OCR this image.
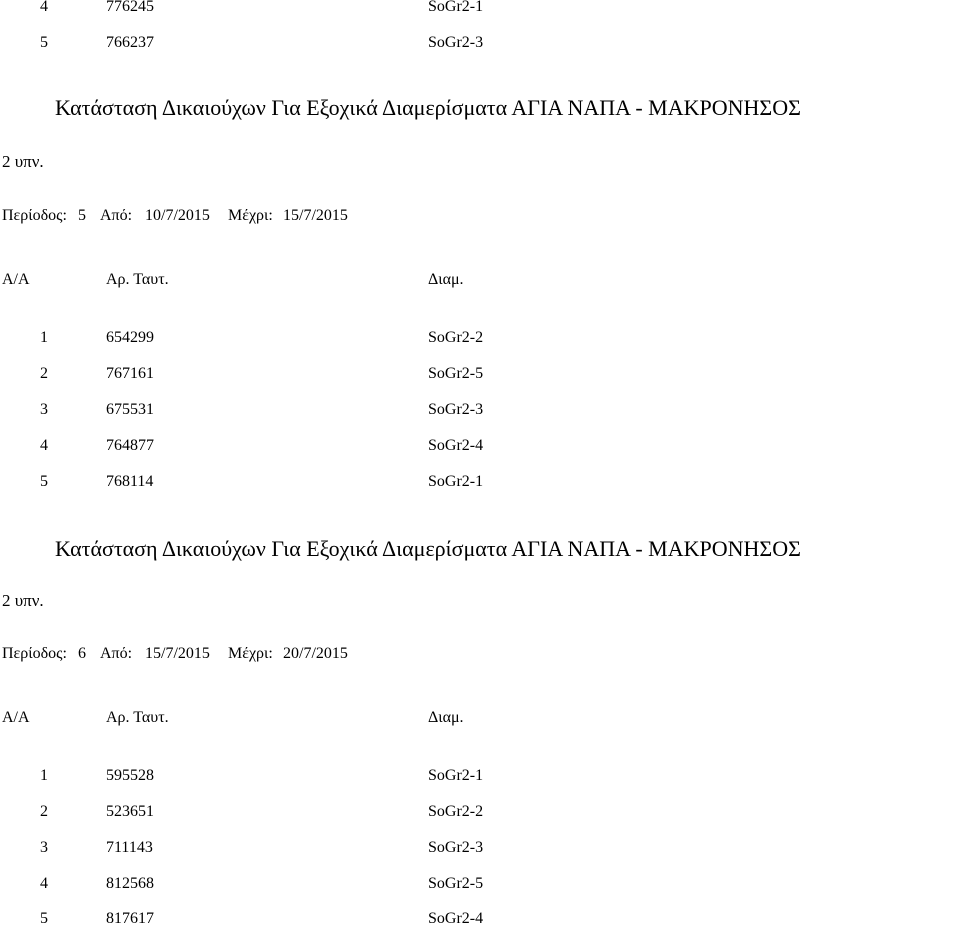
4	776245	SoGr2-1
5	766237	SoGr2-3
Κατάσταση Δικαιούχων Για Εξοχικά Διαμερίσματα ΑΓΙΑ ΝΑΠΑ - ΜΑΚΡΟΝΗΣΟΣ
2 υπν.
Περίοδος: 5 Από: 10/7/2015 Μέχρι: 15/7/2015
Α/Α	Αρ. Ταυτ.	Διαμ.
1	654299	SoGr2-2
2	767161	SoGr2-5
3	675531	SoGr2-3
4	764877	SoGr2-4
5	768114	SoGr2-1
Κατάσταση Δικαιούχων Για Εξοχικά Διαμερίσματα ΑΓΙΑ ΝΑΠΑ - ΜΑΚΡΟΝΗΣΟΣ
2 υπν.
Περίοδος: 6 Από: 15/7/2015 Μέχρι: 20/7/2015
Α/Α	Αρ. Ταυτ.	Διαμ.
1	595528	SoGr2-1
2	523651	SoGr2-2
3	711143	SoGr2-3
4	812568	SoGr2-5
5	817617	SoGr2-4
